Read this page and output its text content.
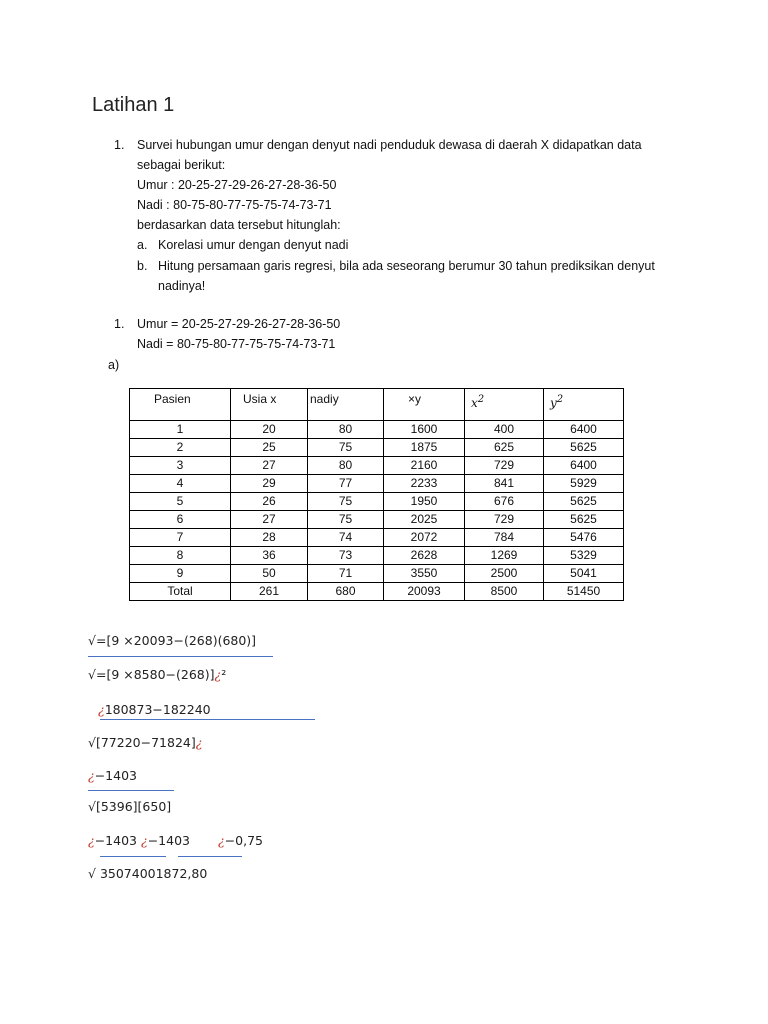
Latihan 1
1. Survei hubungan umur dengan denyut nadi penduduk dewasa di daerah X didapatkan data
sebagai berikut:
Umur : 20-25-27-29-26-27-28-36-50
Nadi : 80-75-80-77-75-75-74-73-71
berdasarkan data tersebut hitunglah:
a. Korelasi umur dengan denyut nadi
b. Hitung persamaan garis regresi, bila ada seseorang berumur 30 tahun prediksikan denyut
nadinya!
1. Umur = 20-25-27-29-26-27-28-36-50
Nadi = 80-75-80-77-75-75-74-73-71
a)
Pasien	Usia x	nadiy	×y	$x^2$	$y^2$
1	20	80	1600	400	6400
2	25	75	1875	625	5625
3	27	80	2160	729	6400
4	29	77	2233	841	5929
5	26	75	1950	676	5625
6	27	75	2025	729	5625
7	28	74	2072	784	5476
8	36	73	2628	1269	5329
9	50	71	3550	2500	5041
Total	261	680	20093	8500	51450
√=[9 ×20093−(268)(680)]
√=[9 ×8580−(268)]¿²
¿180873−182240
√[77220−71824]¿
¿−1403
√[5396][650]
¿−1403 ¿−1403 ¿−0,75
√ 35074001872,80
